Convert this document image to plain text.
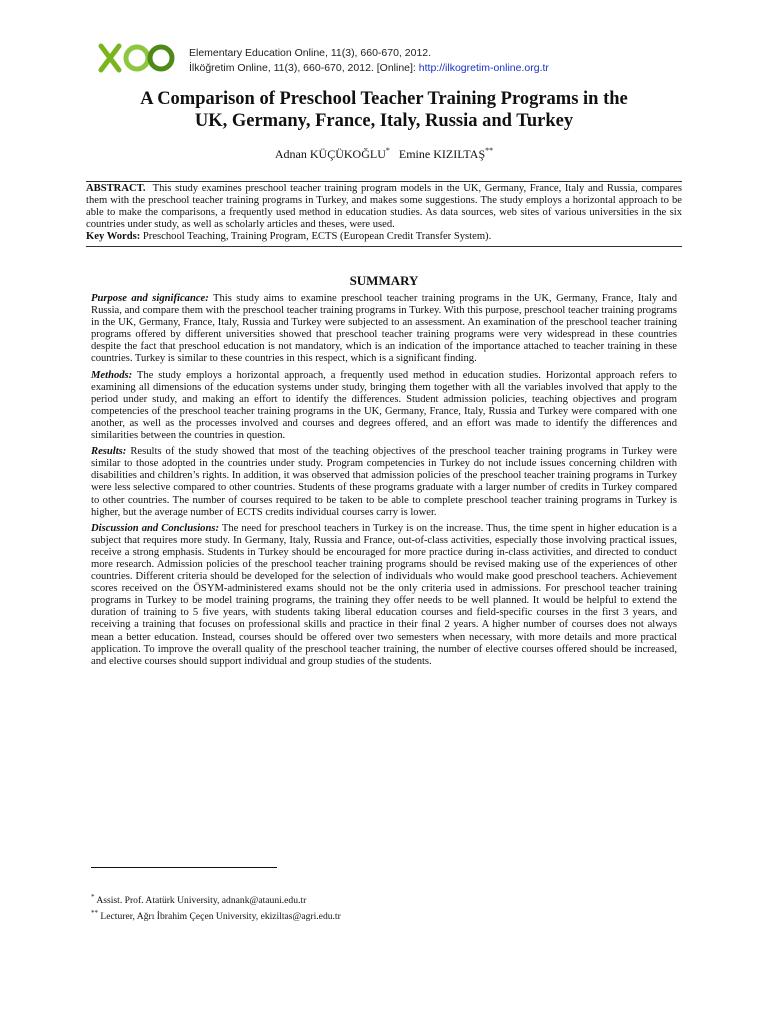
Elementary Education Online, 11(3), 660-670, 2012.
İlköğretim Online, 11(3), 660-670, 2012. [Online]: http://ilkogretim-online.org.tr
A Comparison of Preschool Teacher Training Programs in the
UK, Germany, France, Italy, Russia and Turkey
Adnan KÜÇÜKOĞLU* Emine KIZILTAŞ**

ABSTRACT. This study examines preschool teacher training program models in the UK, Germany, France, Italy and Russia, compares them with the preschool teacher training programs in Turkey, and makes some suggestions. The study employs a horizontal approach to be able to make the comparisons, a frequently used method in education studies. As data sources, web sites of various universities in the six countries under study, as well as scholarly articles and theses, were used.

Key Words: Preschool Teaching, Training Program, ECTS (European Credit Transfer System).

SUMMARY

Purpose and significance: This study aims to examine preschool teacher training programs in the UK, Germany, France, Italy and Russia, and compare them with the preschool teacher training programs in Turkey. With this purpose, preschool teacher training programs in the UK, Germany, France, Italy, Russia and Turkey were subjected to an assessment. An examination of the preschool teacher training programs offered by different universities showed that preschool teacher training programs were very widespread in these countries despite the fact that preschool education is not mandatory, which is an indication of the importance attached to teacher training in these countries. Turkey is similar to these countries in this respect, which is a significant finding.

Methods: The study employs a horizontal approach, a frequently used method in education studies. Horizontal approach refers to examining all dimensions of the education systems under study, bringing them together with all the variables involved that apply to the period under study, and making an effort to identify the differences. Student admission policies, teaching objectives and program competencies of the preschool teacher training programs in the UK, Germany, France, Italy, Russia and Turkey were compared with one another, as well as the processes involved and courses and degrees offered, and an effort was made to identify the differences and similarities between the countries in question.

Results: Results of the study showed that most of the teaching objectives of the preschool teacher training programs in Turkey were similar to those adopted in the countries under study. Program competencies in Turkey do not include issues concerning children with disabilities and children’s rights. In addition, it was observed that admission policies of the preschool teacher training programs in Turkey were less selective compared to other countries. Students of these programs graduate with a larger number of credits in Turkey compared to other countries. The number of courses required to be taken to be able to complete preschool teacher training programs in Turkey is higher, but the average number of ECTS credits individual courses carry is lower.

Discussion and Conclusions: The need for preschool teachers in Turkey is on the increase. Thus, the time spent in higher education is a subject that requires more study. In Germany, Italy, Russia and France, out-of-class activities, especially those involving practical issues, receive a strong emphasis. Students in Turkey should be encouraged for more practice during in-class activities, and directed to conduct more research. Admission policies of the preschool teacher training programs should be revised making use of the experiences of other countries. Different criteria should be developed for the selection of individuals who would make good preschool teachers. Achievement scores received on the ÖSYM-administered exams should not be the only criteria used in admissions. For preschool teacher training programs in Turkey to be model training programs, the training they offer needs to be well planned. It would be helpful to extend the duration of training to 5 five years, with students taking liberal education courses and field-specific courses in the first 3 years, and receiving a training that focuses on professional skills and practice in their final 2 years. A higher number of courses does not always mean a better education. Instead, courses should be offered over two semesters when necessary, with more details and more practical application. To improve the overall quality of the preschool teacher training, the number of elective courses offered should be increased, and elective courses should support individual and group studies of the students.

* Assist. Prof. Atatürk University, adnank@atauni.edu.tr
** Lecturer, Ağrı İbrahim Çeçen University, ekiziltas@agri.edu.tr
